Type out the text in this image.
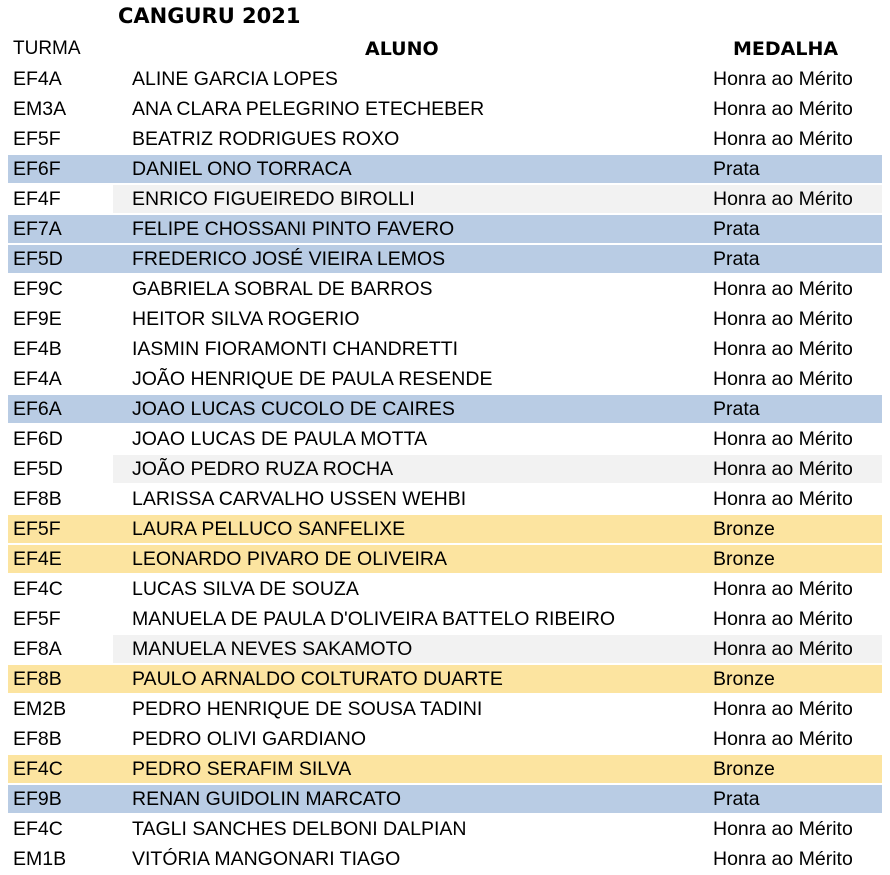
CANGURU 2021
TURMA	ALUNO	MEDALHA
EF4A	ALINE GARCIA LOPES	Honra ao Mérito
EM3A	ANA CLARA PELEGRINO ETECHEBER	Honra ao Mérito
EF5F	BEATRIZ RODRIGUES ROXO	Honra ao Mérito
EF6F	DANIEL ONO TORRACA	Prata
EF4F	ENRICO FIGUEIREDO BIROLLI	Honra ao Mérito
EF7A	FELIPE CHOSSANI PINTO FAVERO	Prata
EF5D	FREDERICO JOSÉ VIEIRA LEMOS	Prata
EF9C	GABRIELA SOBRAL DE BARROS	Honra ao Mérito
EF9E	HEITOR SILVA ROGERIO	Honra ao Mérito
EF4B	IASMIN FIORAMONTI CHANDRETTI	Honra ao Mérito
EF4A	JOÃO HENRIQUE DE PAULA RESENDE	Honra ao Mérito
EF6A	JOAO LUCAS CUCOLO DE CAIRES	Prata
EF6D	JOAO LUCAS DE PAULA MOTTA	Honra ao Mérito
EF5D	JOÃO PEDRO RUZA ROCHA	Honra ao Mérito
EF8B	LARISSA CARVALHO USSEN WEHBI	Honra ao Mérito
EF5F	LAURA PELLUCO SANFELIXE	Bronze
EF4E	LEONARDO PIVARO DE OLIVEIRA	Bronze
EF4C	LUCAS SILVA DE SOUZA	Honra ao Mérito
EF5F	MANUELA DE PAULA D'OLIVEIRA BATTELO RIBEIRO	Honra ao Mérito
EF8A	MANUELA NEVES SAKAMOTO	Honra ao Mérito
EF8B	PAULO ARNALDO COLTURATO DUARTE	Bronze
EM2B	PEDRO HENRIQUE DE SOUSA TADINI	Honra ao Mérito
EF8B	PEDRO OLIVI GARDIANO	Honra ao Mérito
EF4C	PEDRO SERAFIM SILVA	Bronze
EF9B	RENAN GUIDOLIN MARCATO	Prata
EF4C	TAGLI SANCHES DELBONI DALPIAN	Honra ao Mérito
EM1B	VITÓRIA MANGONARI TIAGO	Honra ao Mérito
